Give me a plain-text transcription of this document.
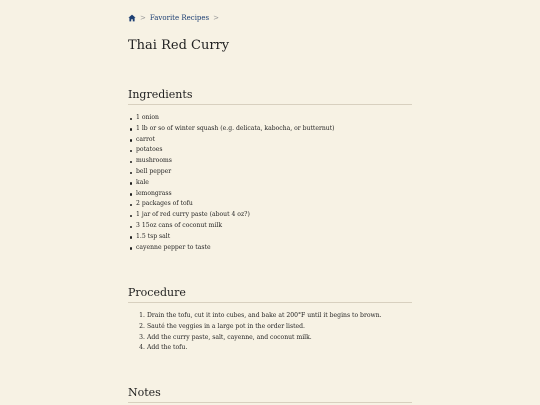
> Favorite Recipes >
Thai Red Curry
Ingredients
1 onion
1 lb or so of winter squash (e.g. delicata, kabocha, or butternut)
carrot
potatoes
mushrooms
bell pepper
kale
lemongrass
2 packages of tofu
1 jar of red curry paste (about 4 oz?)
3 15oz cans of coconut milk
1.5 tsp salt
cayenne pepper to taste
Procedure
1. Drain the tofu, cut it into cubes, and bake at 200°F until it begins to brown.
2. Sauté the veggies in a large pot in the order listed.
3. Add the curry paste, salt, cayenne, and coconut milk.
4. Add the tofu.
Notes
